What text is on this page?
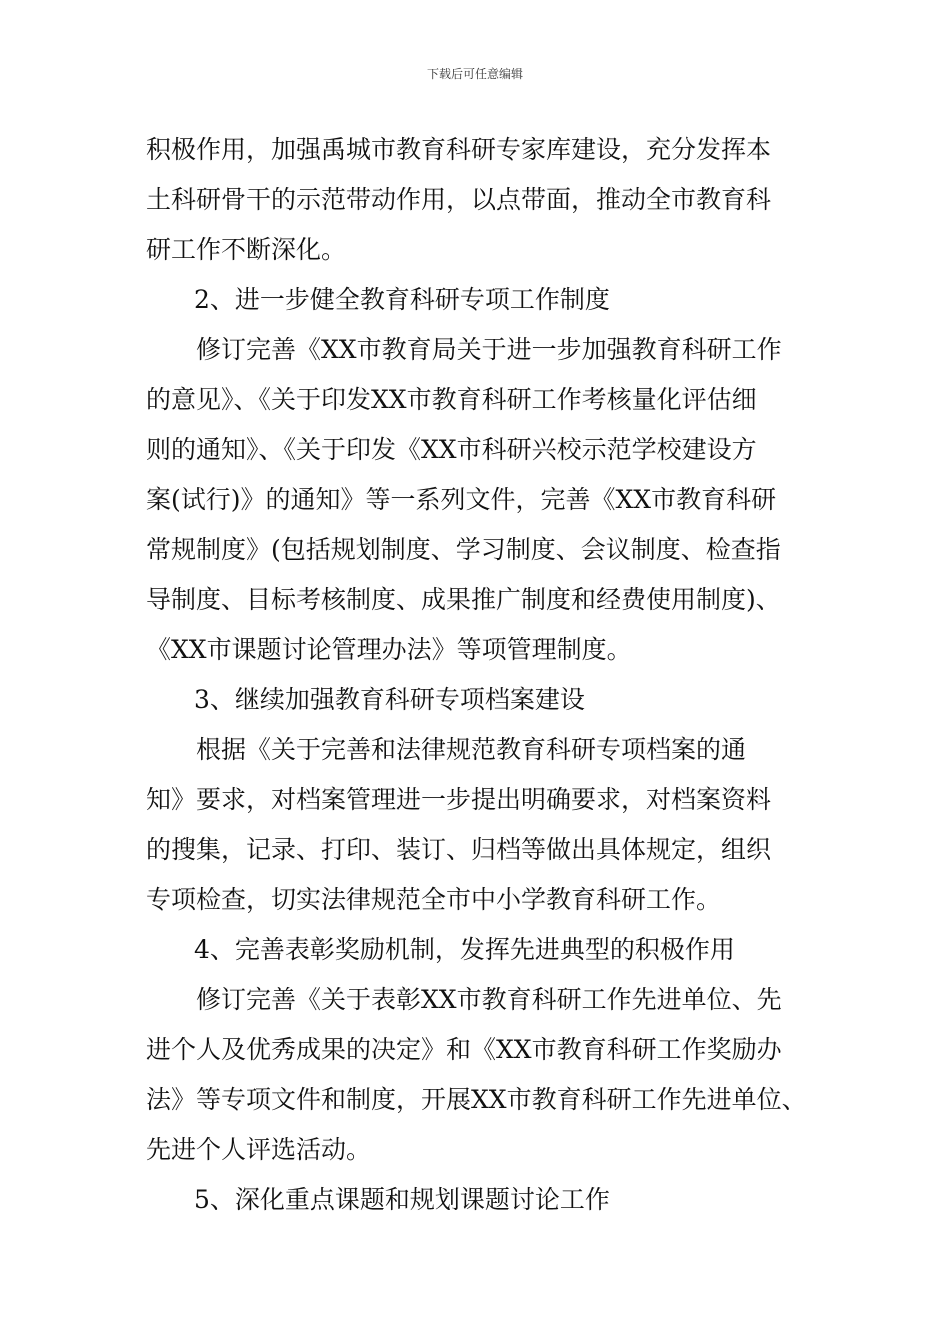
下载后可任意编辑
积极作用，加强禹城市教育科研专家库建设，充分发挥本
土科研骨干的示范带动作用，以点带面，推动全市教育科
研工作不断深化。
2、进一步健全教育科研专项工作制度
修订完善《XX市教育局关于进一步加强教育科研工作
的意见》、《关于印发XX市教育科研工作考核量化评估细
则的通知》、《关于印发《XX市科研兴校示范学校建设方
案(试行)》的通知》等一系列文件，完善《XX市教育科研
常规制度》(包括规划制度、学习制度、会议制度、检查指
导制度、目标考核制度、成果推广制度和经费使用制度)、
《XX市课题讨论管理办法》等项管理制度。
3、继续加强教育科研专项档案建设
根据《关于完善和法律规范教育科研专项档案的通
知》要求，对档案管理进一步提出明确要求，对档案资料
的搜集，记录、打印、装订、归档等做出具体规定，组织
专项检查，切实法律规范全市中小学教育科研工作。
4、完善表彰奖励机制，发挥先进典型的积极作用
修订完善《关于表彰XX市教育科研工作先进单位、先
进个人及优秀成果的决定》和《XX市教育科研工作奖励办
法》等专项文件和制度，开展XX市教育科研工作先进单位、
先进个人评选活动。
5、深化重点课题和规划课题讨论工作
